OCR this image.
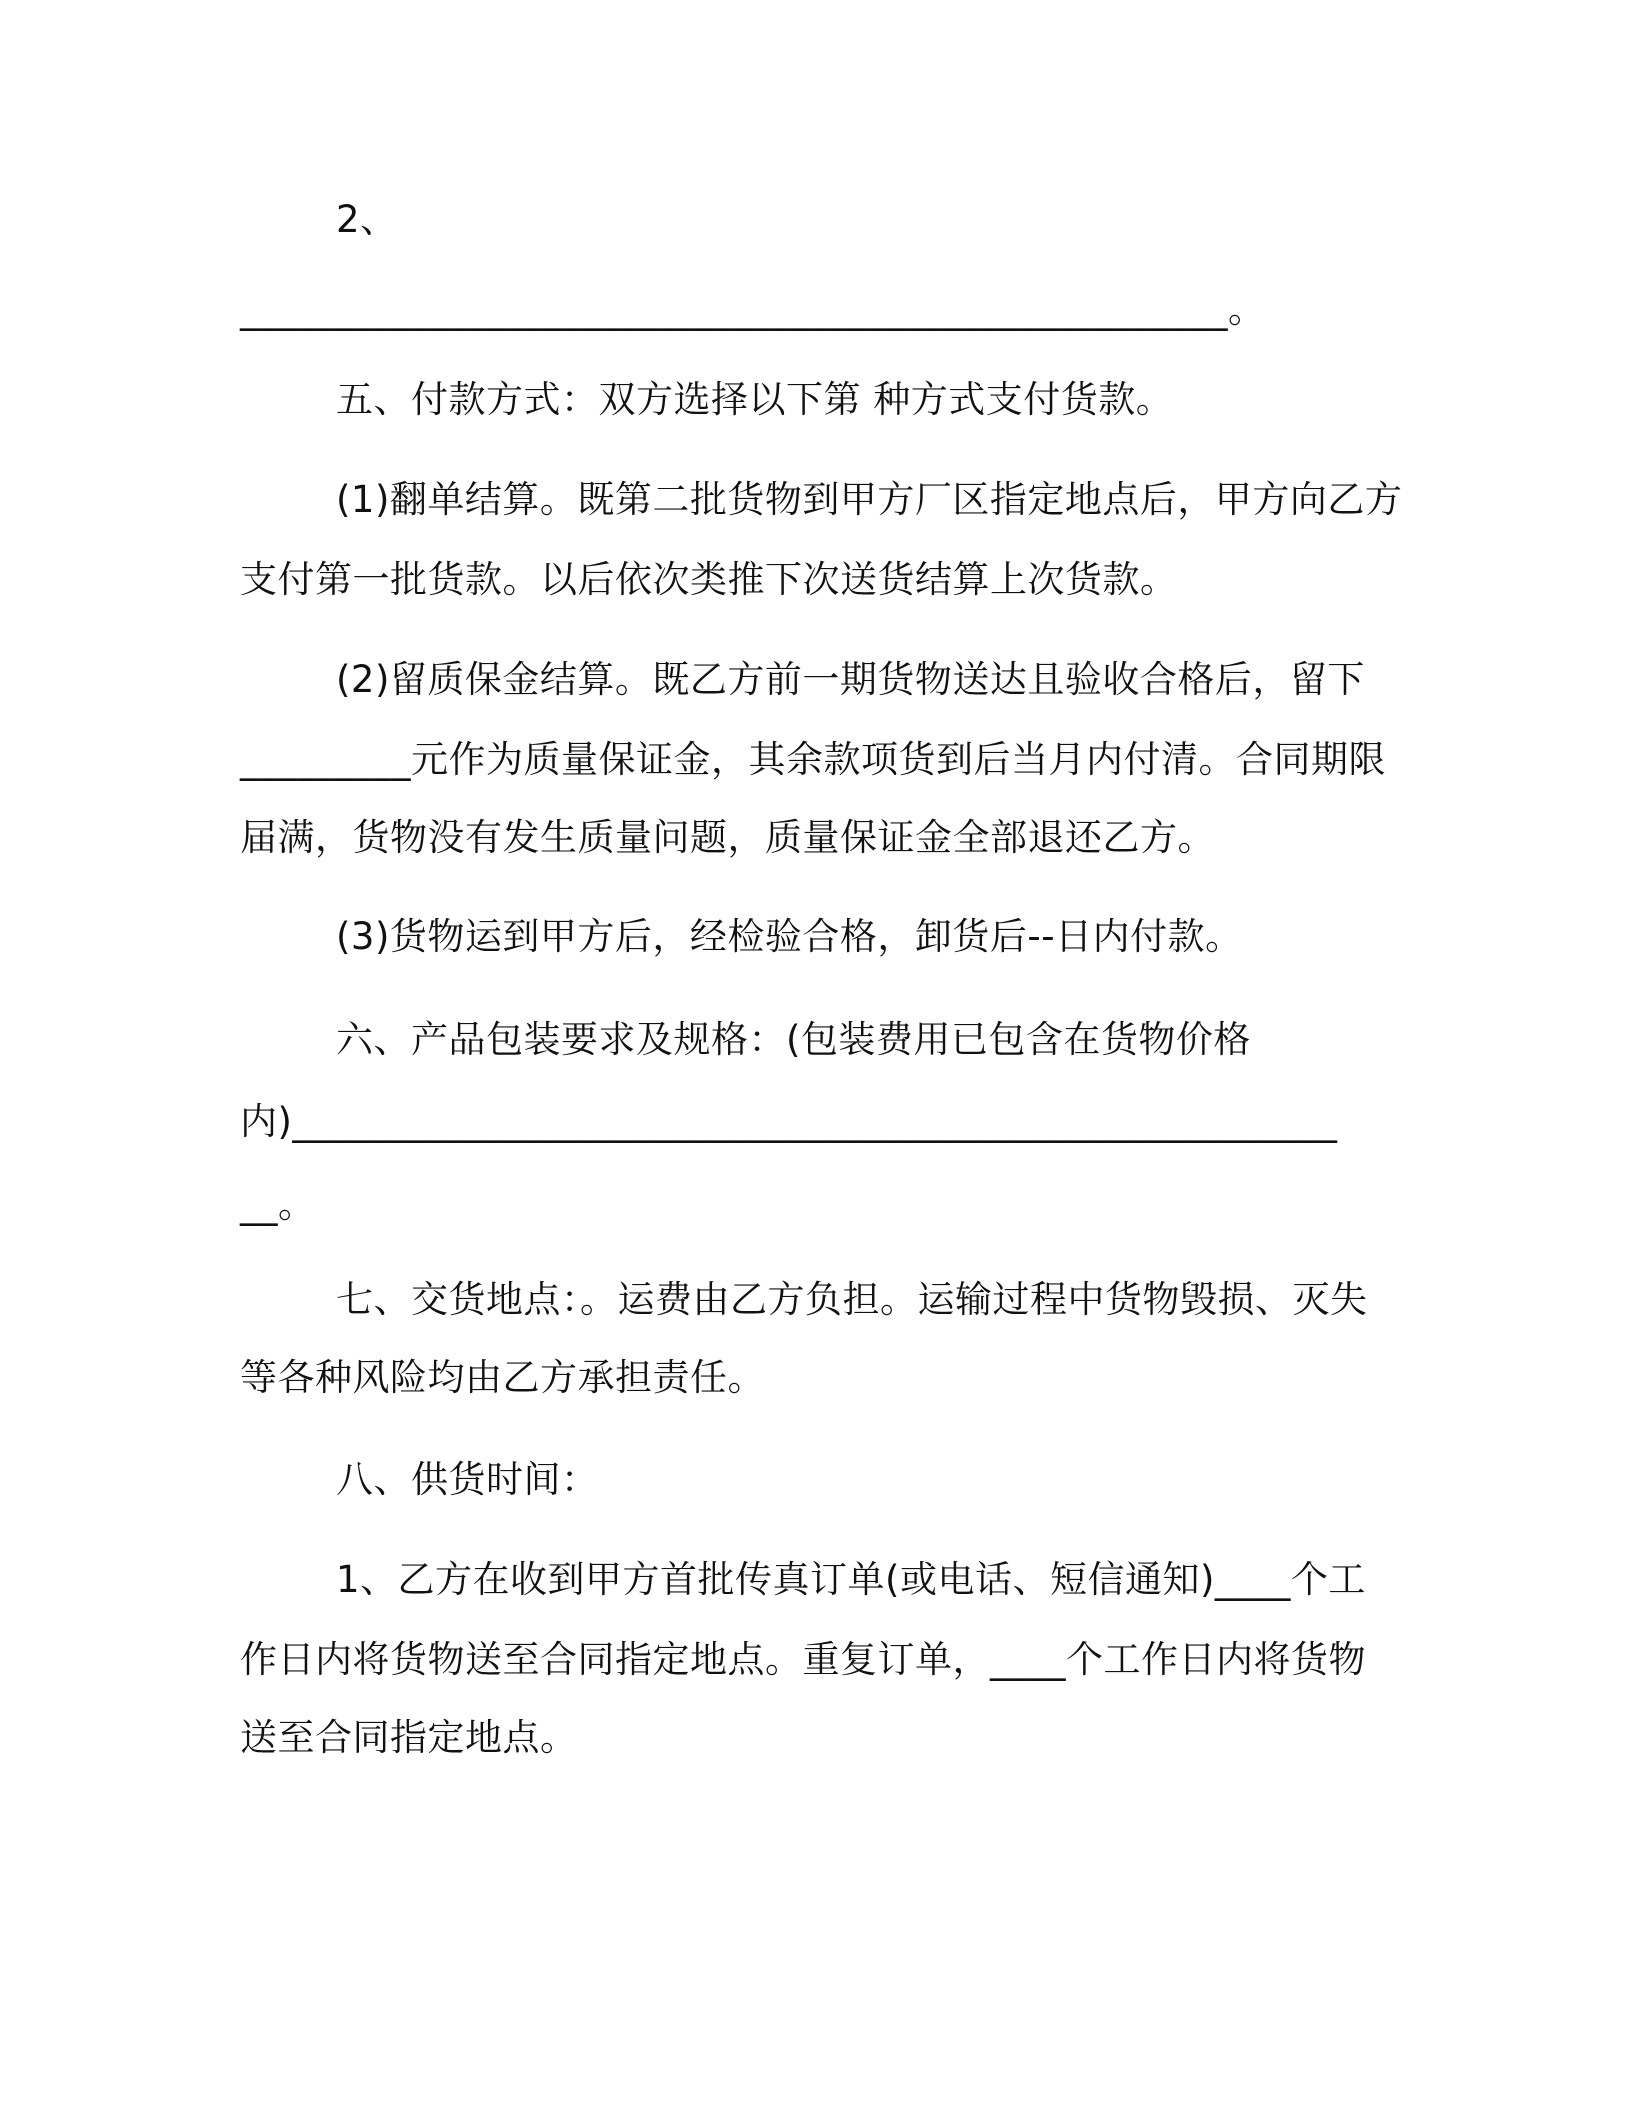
2、
____________________________________________________。
五、付款方式：双方选择以下第 种方式支付货款。
(1)翻单结算。既第二批货物到甲方厂区指定地点后，甲方向乙方
支付第一批货款。以后依次类推下次送货结算上次货款。
(2)留质保金结算。既乙方前一期货物送达且验收合格后，留下
_________元作为质量保证金，其余款项货到后当月内付清。合同期限
届满，货物没有发生质量问题，质量保证金全部退还乙方。
(3)货物运到甲方后，经检验合格，卸货后--日内付款。
六、产品包装要求及规格：(包装费用已包含在货物价格
内)_______________________________________________________
__。
七、交货地点：。运费由乙方负担。运输过程中货物毁损、灭失
等各种风险均由乙方承担责任。
八、供货时间：
1、乙方在收到甲方首批传真订单(或电话、短信通知)____个工
作日内将货物送至合同指定地点。重复订单，____个工作日内将货物
送至合同指定地点。
